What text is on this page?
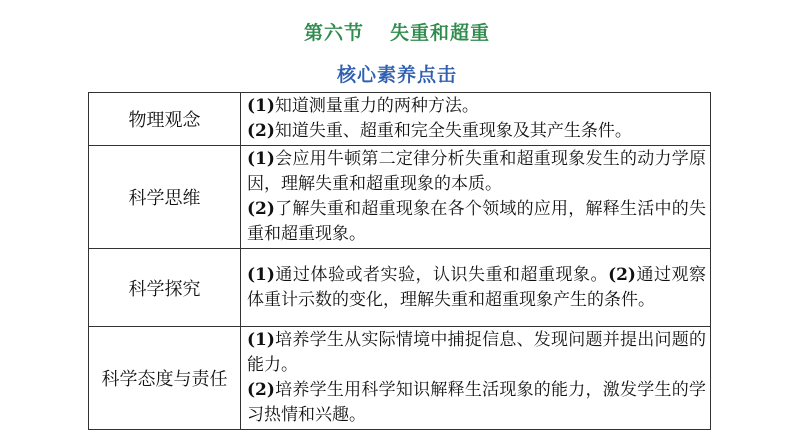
第六节 失重和超重
核心素养点击
物理观念	(1)知道测量重力的两种方法。
(2)知道失重、超重和完全失重现象及其产生条件。

科学思维	(1)会应用牛顿第二定律分析失重和超重现象发生的动力学原因，理解失重和超重现象的本质。
(2)了解失重和超重现象在各个领域的应用，解释生活中的失重和超重现象。

科学探究	(1)通过体验或者实验，认识失重和超重现象。(2)通过观察体重计示数的变化，理解失重和超重现象产生的条件。
科学态度与责任	(1)培养学生从实际情境中捕捉信息、发现问题并提出问题的能力。
(2)培养学生用科学知识解释生活现象的能力，激发学生的学习热情和兴趣。
